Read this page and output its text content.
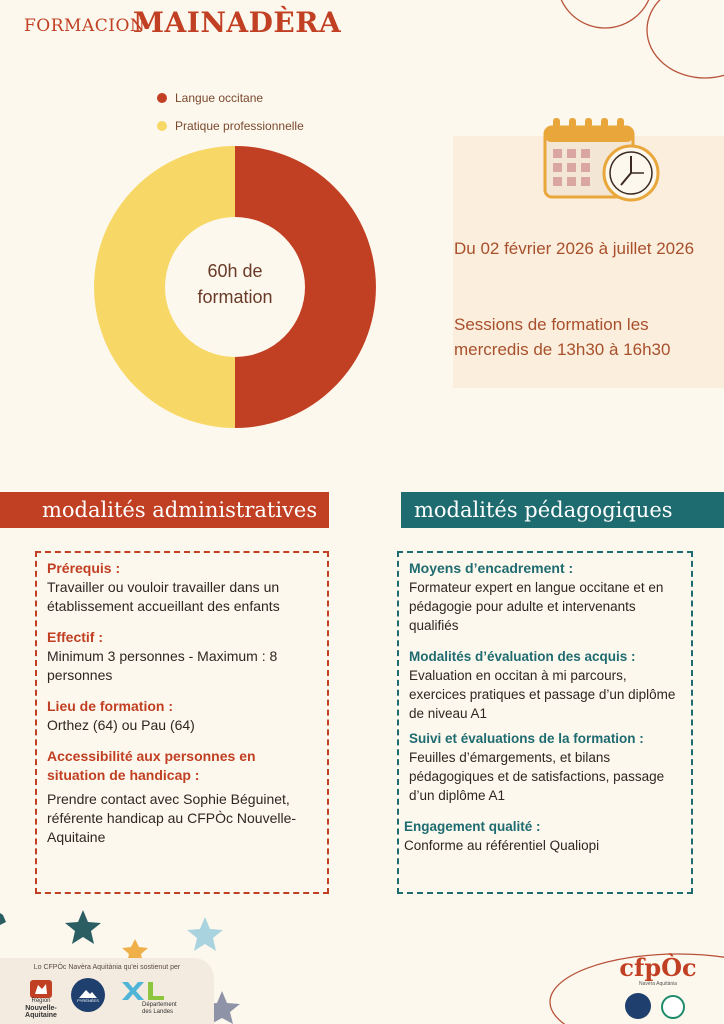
FORMACION
MAINADÈRA
Langue occitane
Pratique professionnelle
60h de
formation
Du 02 février 2026 à juillet 2026
Sessions de formation les mercredis de 13h30 à 16h30
modalités administratives	modalités pédagogiques
Prérequis :
Travailler ou vouloir travailler dans un établissement accueillant des enfants
Effectif :
Minimum 3 personnes - Maximum : 8 personnes
Lieu de formation :
Orthez (64) ou Pau (64)
Accessibilité aux personnes en situation de handicap :
Prendre contact avec Sophie Béguinet, référente handicap au CFPÒc Nouvelle-Aquitaine
Moyens d’encadrement :
Formateur expert en langue occitane et en pédagogie pour adulte et intervenants qualifiés
Modalités d’évaluation des acquis :
Evaluation en occitan à mi parcours, exercices pratiques et passage d’un diplôme de niveau A1
Suivi et évaluations de la formation :
Feuilles d’émargements, et bilans pédagogiques et de satisfactions, passage d’un diplôme A1
Engagement qualité :
Conforme au référentiel Qualiopi
Lo CFPÒc Navèra Aquitània qu'ei sostienut per
Région
Nouvelle-
Aquitaine
PYRÉNÉES
Département
des Landes
cfpÒc
Navèra Aquitània
